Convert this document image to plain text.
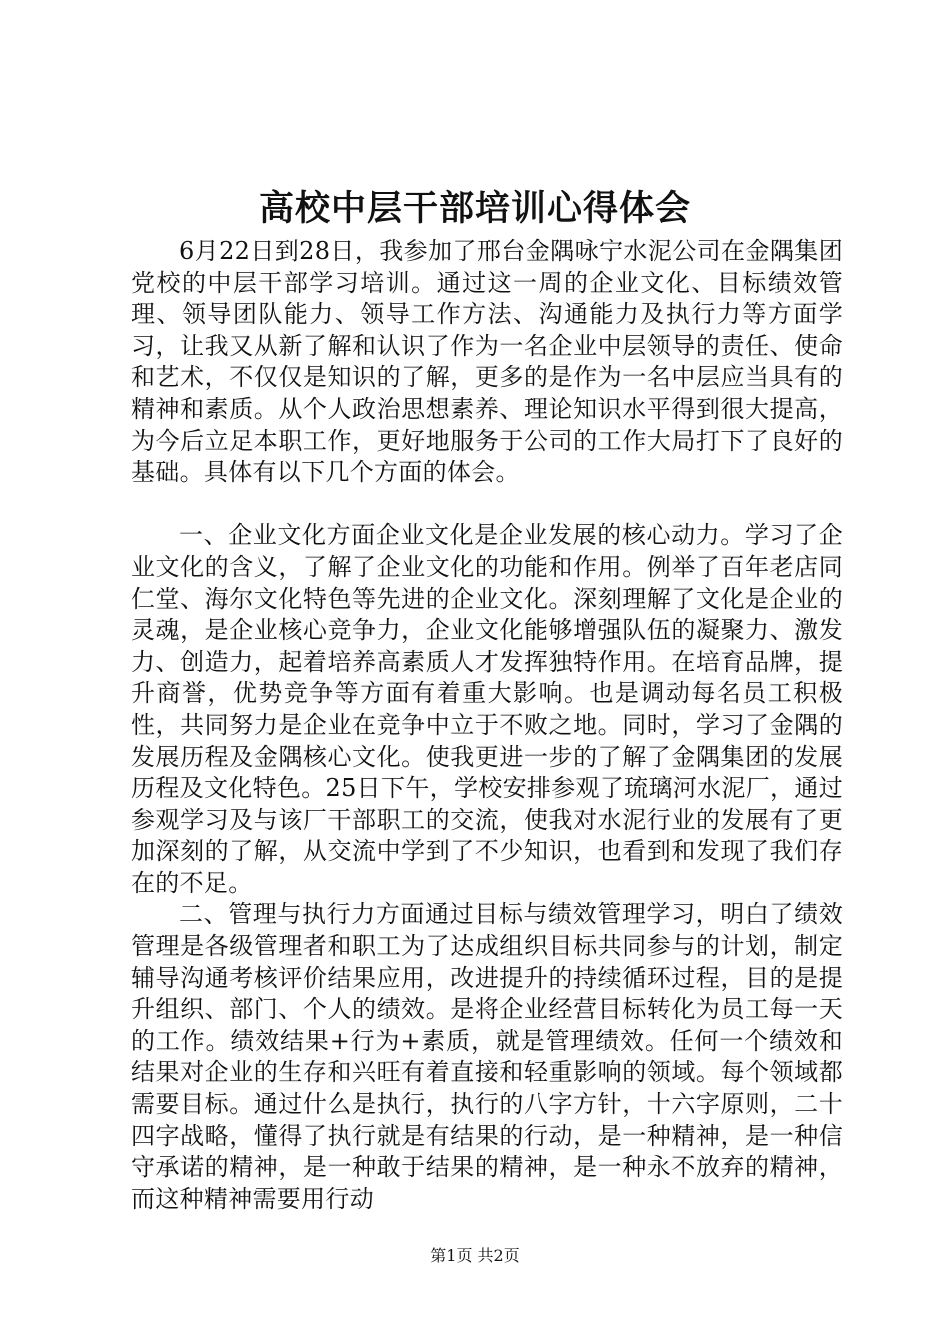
高校中层干部培训心得体会

6月22日到28日，我参加了邢台金隅咏宁水泥公司在金隅集团党校的中层干部学习培训。通过这一周的企业文化、目标绩效管理、领导团队能力、领导工作方法、沟通能力及执行力等方面学习，让我又从新了解和认识了作为一名企业中层领导的责任、使命和艺术，不仅仅是知识的了解，更多的是作为一名中层应当具有的精神和素质。从个人政治思想素养、理论知识水平得到很大提高，为今后立足本职工作，更好地服务于公司的工作大局打下了良好的基础。具体有以下几个方面的体会。

一、企业文化方面企业文化是企业发展的核心动力。学习了企业文化的含义，了解了企业文化的功能和作用。例举了百年老店同仁堂、海尔文化特色等先进的企业文化。深刻理解了文化是企业的灵魂，是企业核心竞争力，企业文化能够增强队伍的凝聚力、激发力、创造力，起着培养高素质人才发挥独特作用。在培育品牌，提升商誉，优势竞争等方面有着重大影响。也是调动每名员工积极性，共同努力是企业在竞争中立于不败之地。同时，学习了金隅的发展历程及金隅核心文化。使我更进一步的了解了金隅集团的发展历程及文化特色。25日下午，学校安排参观了琉璃河水泥厂，通过参观学习及与该厂干部职工的交流，使我对水泥行业的发展有了更加深刻的了解，从交流中学到了不少知识，也看到和发现了我们存在的不足。

二、管理与执行力方面通过目标与绩效管理学习，明白了绩效管理是各级管理者和职工为了达成组织目标共同参与的计划，制定辅导沟通考核评价结果应用，改进提升的持续循环过程，目的是提升组织、部门、个人的绩效。是将企业经营目标转化为员工每一天的工作。绩效结果+行为+素质，就是管理绩效。任何一个绩效和结果对企业的生存和兴旺有着直接和轻重影响的领域。每个领域都需要目标。通过什么是执行，执行的八字方针，十六字原则，二十四字战略，懂得了执行就是有结果的行动，是一种精神，是一种信守承诺的精神，是一种敢于结果的精神，是一种永不放弃的精神，而这种精神需要用行动

第1页 共2页
